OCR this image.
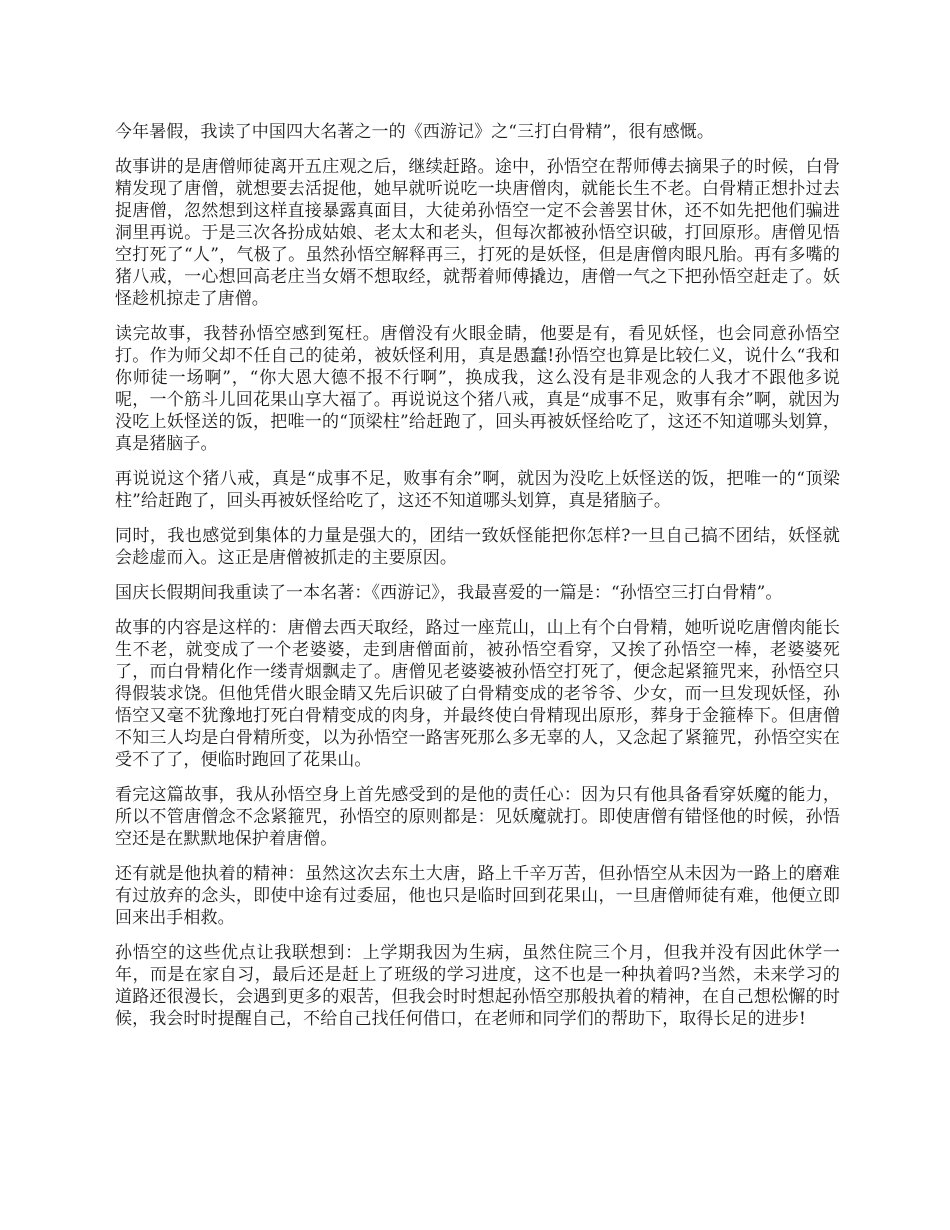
今年暑假，我读了中国四大名著之一的《西游记》之“三打白骨精”，很有感慨。

故事讲的是唐僧师徒离开五庄观之后，继续赶路。途中，孙悟空在帮师傅去摘果子的时候，白骨精发现了唐僧，就想要去活捉他，她早就听说吃一块唐僧肉，就能长生不老。白骨精正想扑过去捉唐僧，忽然想到这样直接暴露真面目，大徒弟孙悟空一定不会善罢甘休，还不如先把他们骗进洞里再说。于是三次各扮成姑娘、老太太和老头，但每次都被孙悟空识破，打回原形。唐僧见悟空打死了“人”，气极了。虽然孙悟空解释再三，打死的是妖怪，但是唐僧肉眼凡胎。再有多嘴的猪八戒，一心想回高老庄当女婿不想取经，就帮着师傅撬边，唐僧一气之下把孙悟空赶走了。妖怪趁机掠走了唐僧。

读完故事，我替孙悟空感到冤枉。唐僧没有火眼金睛，他要是有，看见妖怪，也会同意孙悟空打。作为师父却不任自己的徒弟，被妖怪利用，真是愚蠢!孙悟空也算是比较仁义，说什么“我和你师徒一场啊”，“你大恩大德不报不行啊”，换成我，这么没有是非观念的人我才不跟他多说呢，一个筋斗儿回花果山享大福了。再说说这个猪八戒，真是“成事不足，败事有余”啊，就因为没吃上妖怪送的饭，把唯一的“顶梁柱”给赶跑了，回头再被妖怪给吃了，这还不知道哪头划算，真是猪脑子。

再说说这个猪八戒，真是“成事不足，败事有余”啊，就因为没吃上妖怪送的饭，把唯一的“顶梁柱”给赶跑了，回头再被妖怪给吃了，这还不知道哪头划算，真是猪脑子。

同时，我也感觉到集体的力量是强大的，团结一致妖怪能把你怎样?一旦自己搞不团结，妖怪就会趁虚而入。这正是唐僧被抓走的主要原因。

国庆长假期间我重读了一本名著：《西游记》，我最喜爱的一篇是：“孙悟空三打白骨精”。

故事的内容是这样的：唐僧去西天取经，路过一座荒山，山上有个白骨精，她听说吃唐僧肉能长生不老，就变成了一个老婆婆，走到唐僧面前，被孙悟空看穿，又挨了孙悟空一棒，老婆婆死了，而白骨精化作一缕青烟飘走了。唐僧见老婆婆被孙悟空打死了，便念起紧箍咒来，孙悟空只得假装求饶。但他凭借火眼金睛又先后识破了白骨精变成的老爷爷、少女，而一旦发现妖怪，孙悟空又毫不犹豫地打死白骨精变成的肉身，并最终使白骨精现出原形，葬身于金箍棒下。但唐僧不知三人均是白骨精所变，以为孙悟空一路害死那么多无辜的人，又念起了紧箍咒，孙悟空实在受不了了，便临时跑回了花果山。

看完这篇故事，我从孙悟空身上首先感受到的是他的责任心：因为只有他具备看穿妖魔的能力，所以不管唐僧念不念紧箍咒，孙悟空的原则都是：见妖魔就打。即使唐僧有错怪他的时候，孙悟空还是在默默地保护着唐僧。

还有就是他执着的精神：虽然这次去东土大唐，路上千辛万苦，但孙悟空从未因为一路上的磨难有过放弃的念头，即使中途有过委屈，他也只是临时回到花果山，一旦唐僧师徒有难，他便立即回来出手相救。

孙悟空的这些优点让我联想到：上学期我因为生病，虽然住院三个月，但我并没有因此休学一年，而是在家自习，最后还是赶上了班级的学习进度，这不也是一种执着吗?当然，未来学习的道路还很漫长，会遇到更多的艰苦，但我会时时想起孙悟空那般执着的精神，在自己想松懈的时候，我会时时提醒自己，不给自己找任何借口，在老师和同学们的帮助下，取得长足的进步!
